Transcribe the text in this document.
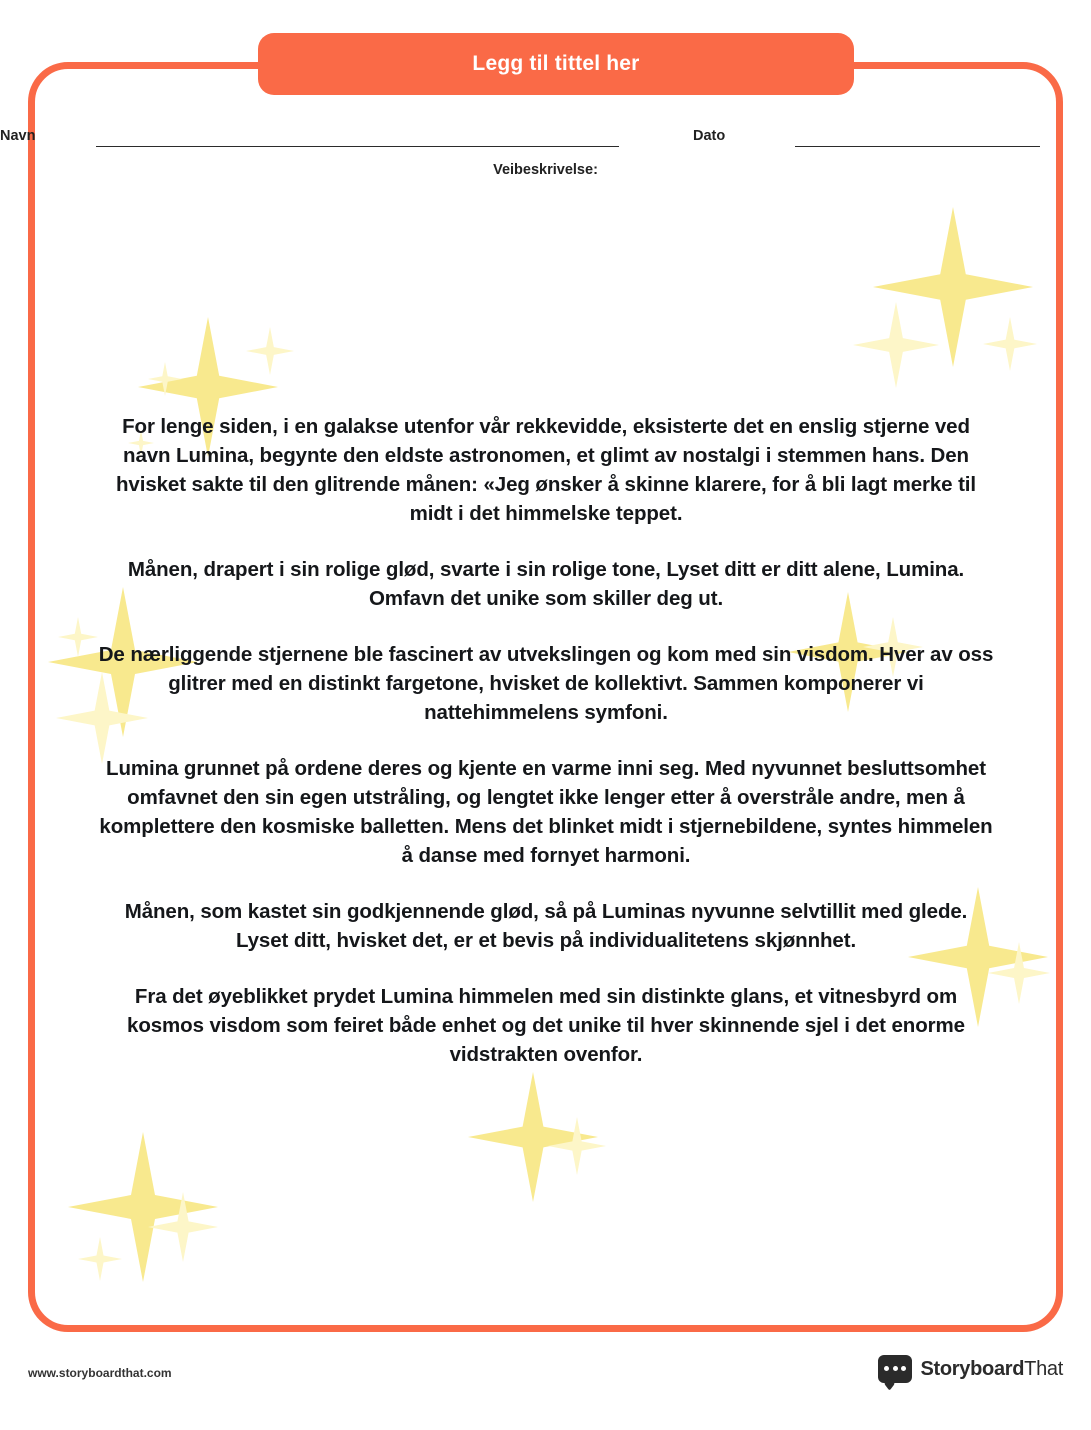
Legg til tittel her
Navn	Dato
Veibeskrivelse:

For lenge siden, i en galakse utenfor vår rekkevidde, eksisterte det en enslig stjerne ved navn Lumina, begynte den eldste astronomen, et glimt av nostalgi i stemmen hans. Den hvisket sakte til den glitrende månen: «Jeg ønsker å skinne klarere, for å bli lagt merke til midt i det himmelske teppet.

Månen, drapert i sin rolige glød, svarte i sin rolige tone, Lyset ditt er ditt alene, Lumina. Omfavn det unike som skiller deg ut.

De nærliggende stjernene ble fascinert av utvekslingen og kom med sin visdom. Hver av oss glitrer med en distinkt fargetone, hvisket de kollektivt. Sammen komponerer vi nattehimmelens symfoni.

Lumina grunnet på ordene deres og kjente en varme inni seg. Med nyvunnet besluttsomhet omfavnet den sin egen utstråling, og lengtet ikke lenger etter å overstråle andre, men å komplettere den kosmiske balletten. Mens det blinket midt i stjernebildene, syntes himmelen å danse med fornyet harmoni.

Månen, som kastet sin godkjennende glød, så på Luminas nyvunne selvtillit med glede. Lyset ditt, hvisket det, er et bevis på individualitetens skjønnhet.

Fra det øyeblikket prydet Lumina himmelen med sin distinkte glans, et vitnesbyrd om kosmos visdom som feiret både enhet og det unike til hver skinnende sjel i det enorme vidstrakten ovenfor.

www.storyboardthat.com	StoryboardThat
